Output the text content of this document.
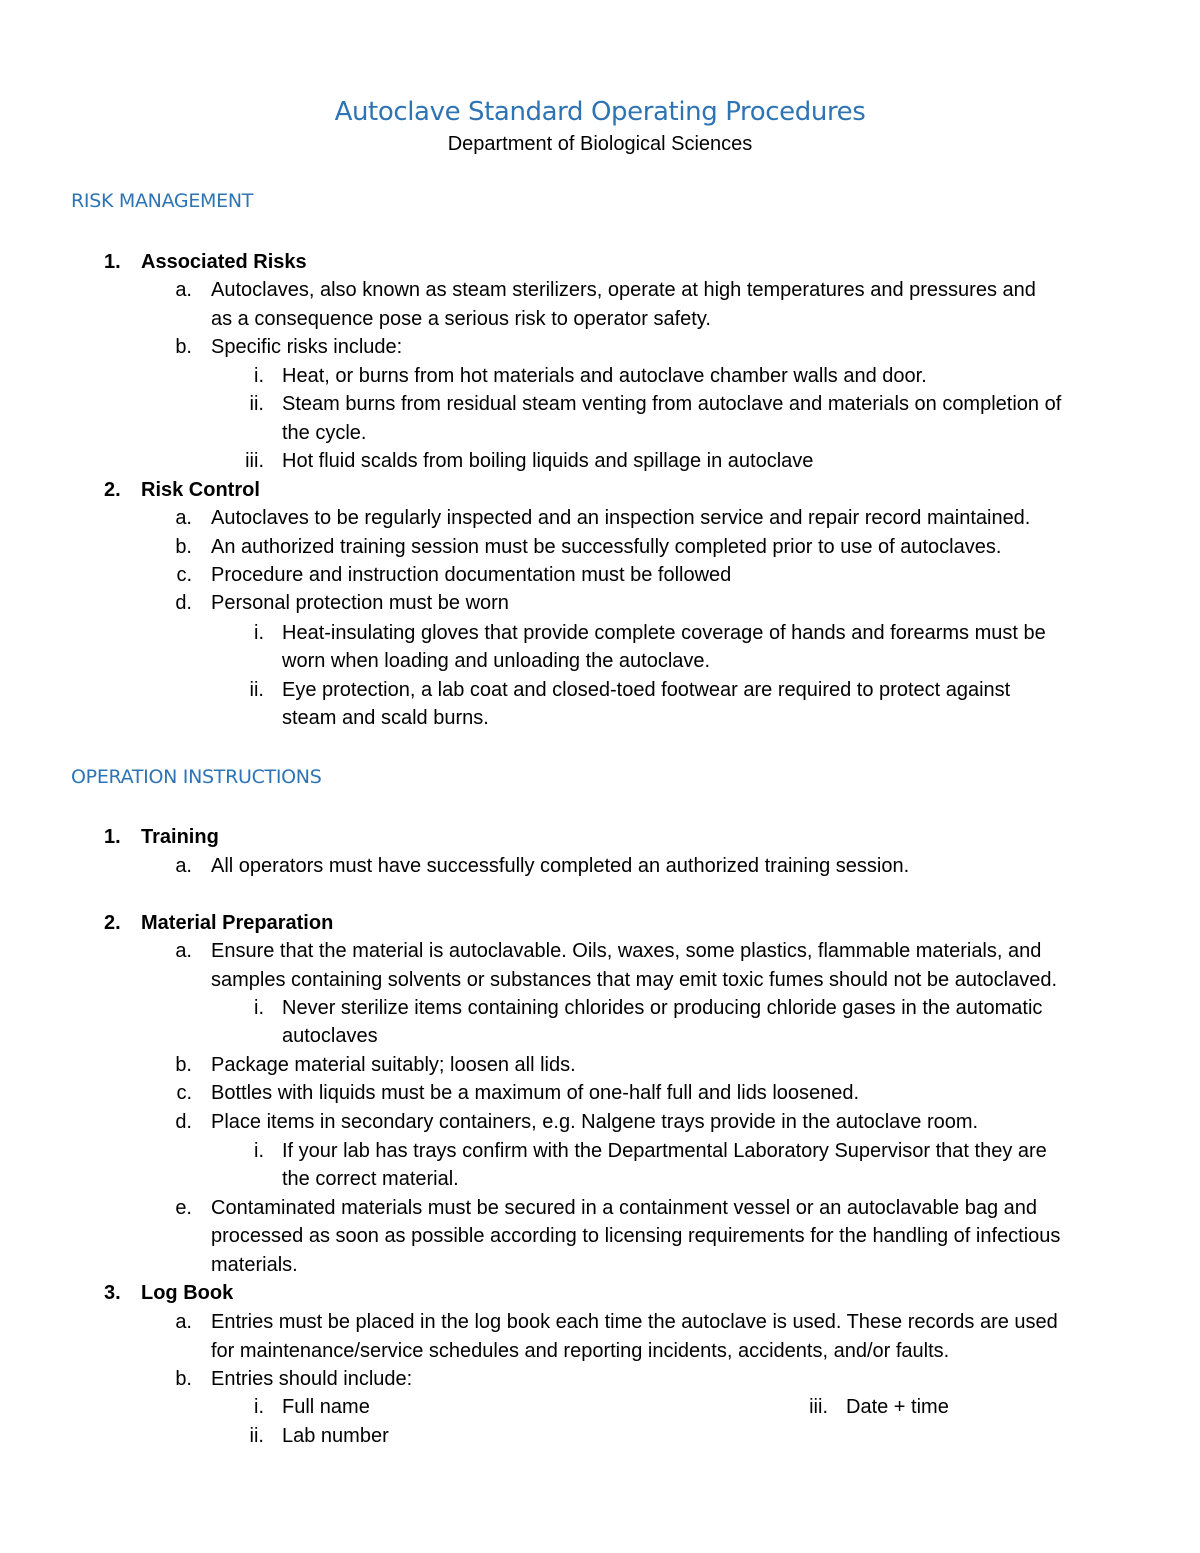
Autoclave Standard Operating Procedures
Department of Biological Sciences
RISK MANAGEMENT
1. Associated Risks
a. Autoclaves, also known as steam sterilizers, operate at high temperatures and pressures and
as a consequence pose a serious risk to operator safety.
b. Specific risks include:
i. Heat, or burns from hot materials and autoclave chamber walls and door.
ii. Steam burns from residual steam venting from autoclave and materials on completion of
the cycle.
iii. Hot fluid scalds from boiling liquids and spillage in autoclave
2. Risk Control
a. Autoclaves to be regularly inspected and an inspection service and repair record maintained.
b. An authorized training session must be successfully completed prior to use of autoclaves.
c. Procedure and instruction documentation must be followed
d. Personal protection must be worn
i. Heat-insulating gloves that provide complete coverage of hands and forearms must be
worn when loading and unloading the autoclave.
ii. Eye protection, a lab coat and closed-toed footwear are required to protect against
steam and scald burns.
OPERATION INSTRUCTIONS
1. Training
a. All operators must have successfully completed an authorized training session.
2. Material Preparation
a. Ensure that the material is autoclavable. Oils, waxes, some plastics, flammable materials, and
samples containing solvents or substances that may emit toxic fumes should not be autoclaved.
i. Never sterilize items containing chlorides or producing chloride gases in the automatic
autoclaves
b. Package material suitably; loosen all lids.
c. Bottles with liquids must be a maximum of one-half full and lids loosened.
d. Place items in secondary containers, e.g. Nalgene trays provide in the autoclave room.
i. If your lab has trays confirm with the Departmental Laboratory Supervisor that they are
the correct material.
e. Contaminated materials must be secured in a containment vessel or an autoclavable bag and
processed as soon as possible according to licensing requirements for the handling of infectious
materials.
3. Log Book
a. Entries must be placed in the log book each time the autoclave is used. These records are used
for maintenance/service schedules and reporting incidents, accidents, and/or faults.
b. Entries should include:
i. Full name
ii. Lab number
iii. Date + time
